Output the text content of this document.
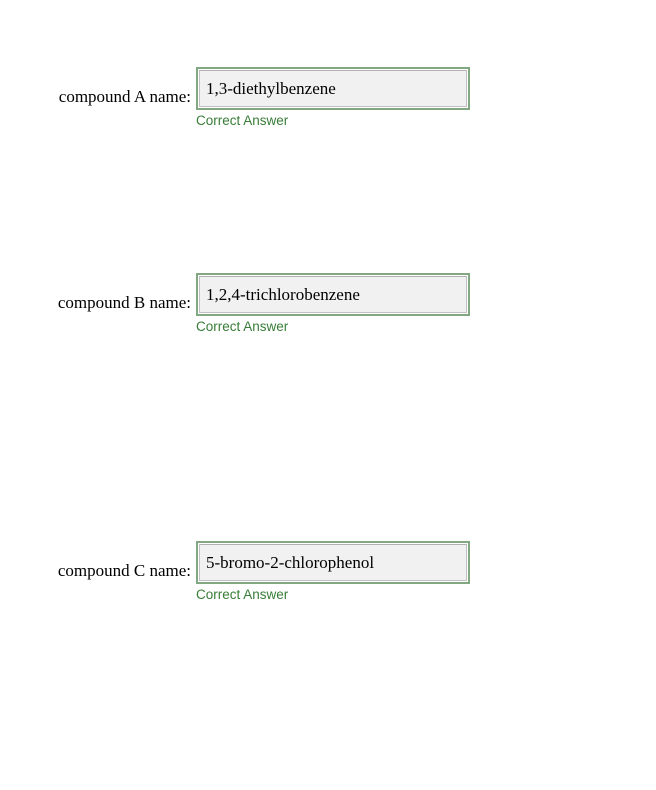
compound A name:
1,3-diethylbenzene
Correct Answer
compound B name:
1,2,4-trichlorobenzene
Correct Answer
compound C name:
5-bromo-2-chlorophenol
Correct Answer
